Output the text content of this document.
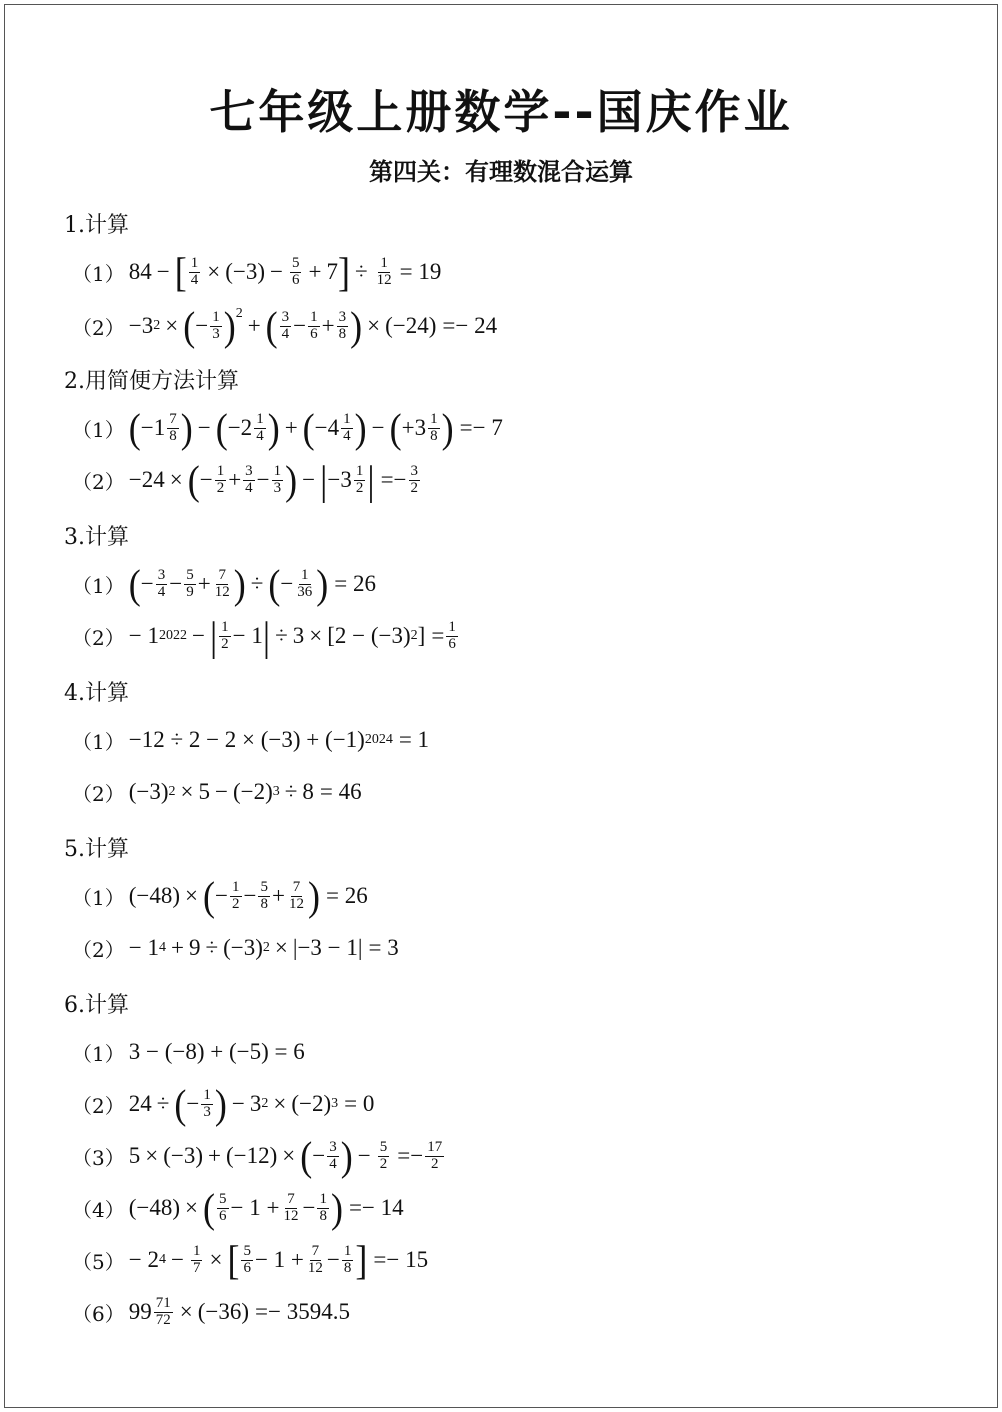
七年级上册数学--国庆作业
第四关：有理数混合运算
1.计算
（1） 84 − [ $\frac{1}{4} \times (-3) - \frac{5}{6} + 7$ ] ÷ $\frac{1}{12} = 19$
（2） −3 2 × ( − $\frac{1}{3} )^2$ + ( $\frac{3}{4} - \frac{1}{6} + \frac{3}{8}$ ) × (−24) =− 24
2.用简便方法计算
（1） ( $-1 \frac{7}{8}$ ) − ( $-2 \frac{1}{4}$ ) + ( $-4 \frac{1}{4}$ ) − ( $+3 \frac{1}{8}$ ) =− 7
（2） −24 × ( − $\frac{1}{2} + \frac{3}{4} - \frac{1}{3}$ ) − | $-3 \frac{1}{2}$ | =− $\frac{3}{2}$
3.计算
（1） ( − $\frac{3}{4} - \frac{5}{9} + \frac{7}{12}$ ) ÷ ( − $\frac{1}{36}$ ) = 26
（2） − 1 2022 − | $\frac{1}{2} - 1$ | ÷ 3 × [2 − (−3) 2 ] = $\frac{1}{6}$
4.计算
（1） −12 ÷ 2 − 2 × (−3) + (−1) 2024 = 1
（2） (−3) 2 × 5 − (−2) 3 ÷ 8 = 46
5.计算
（1） (−48) × ( − $\frac{1}{2} - \frac{5}{8} + \frac{7}{12}$ ) = 26
（2） − 1 4 + 9 ÷ (−3) 2 × |−3 − 1| = 3
6.计算
（1） 3 − (−8) + (−5) = 6
（2） 24 ÷ ( − $\frac{1}{3}$ ) − 3 2 × (−2) 3 = 0
（3） 5 × (−3) + (−12) × ( − $\frac{3}{4}$ ) − $\frac{5}{2} =- \frac{17}{2}$
（4） (−48) × ( $\frac{5}{6} - 1 + \frac{7}{12} - \frac{1}{8}$ ) =− 14
（5） − 2 $4 - \frac{1}{7}$ × [ $\frac{5}{6} - 1 + \frac{7}{12} - \frac{1}{8}$ ] =− 15
（6） $99 \frac{71}{72} \times (-36) =- 3594.5$
